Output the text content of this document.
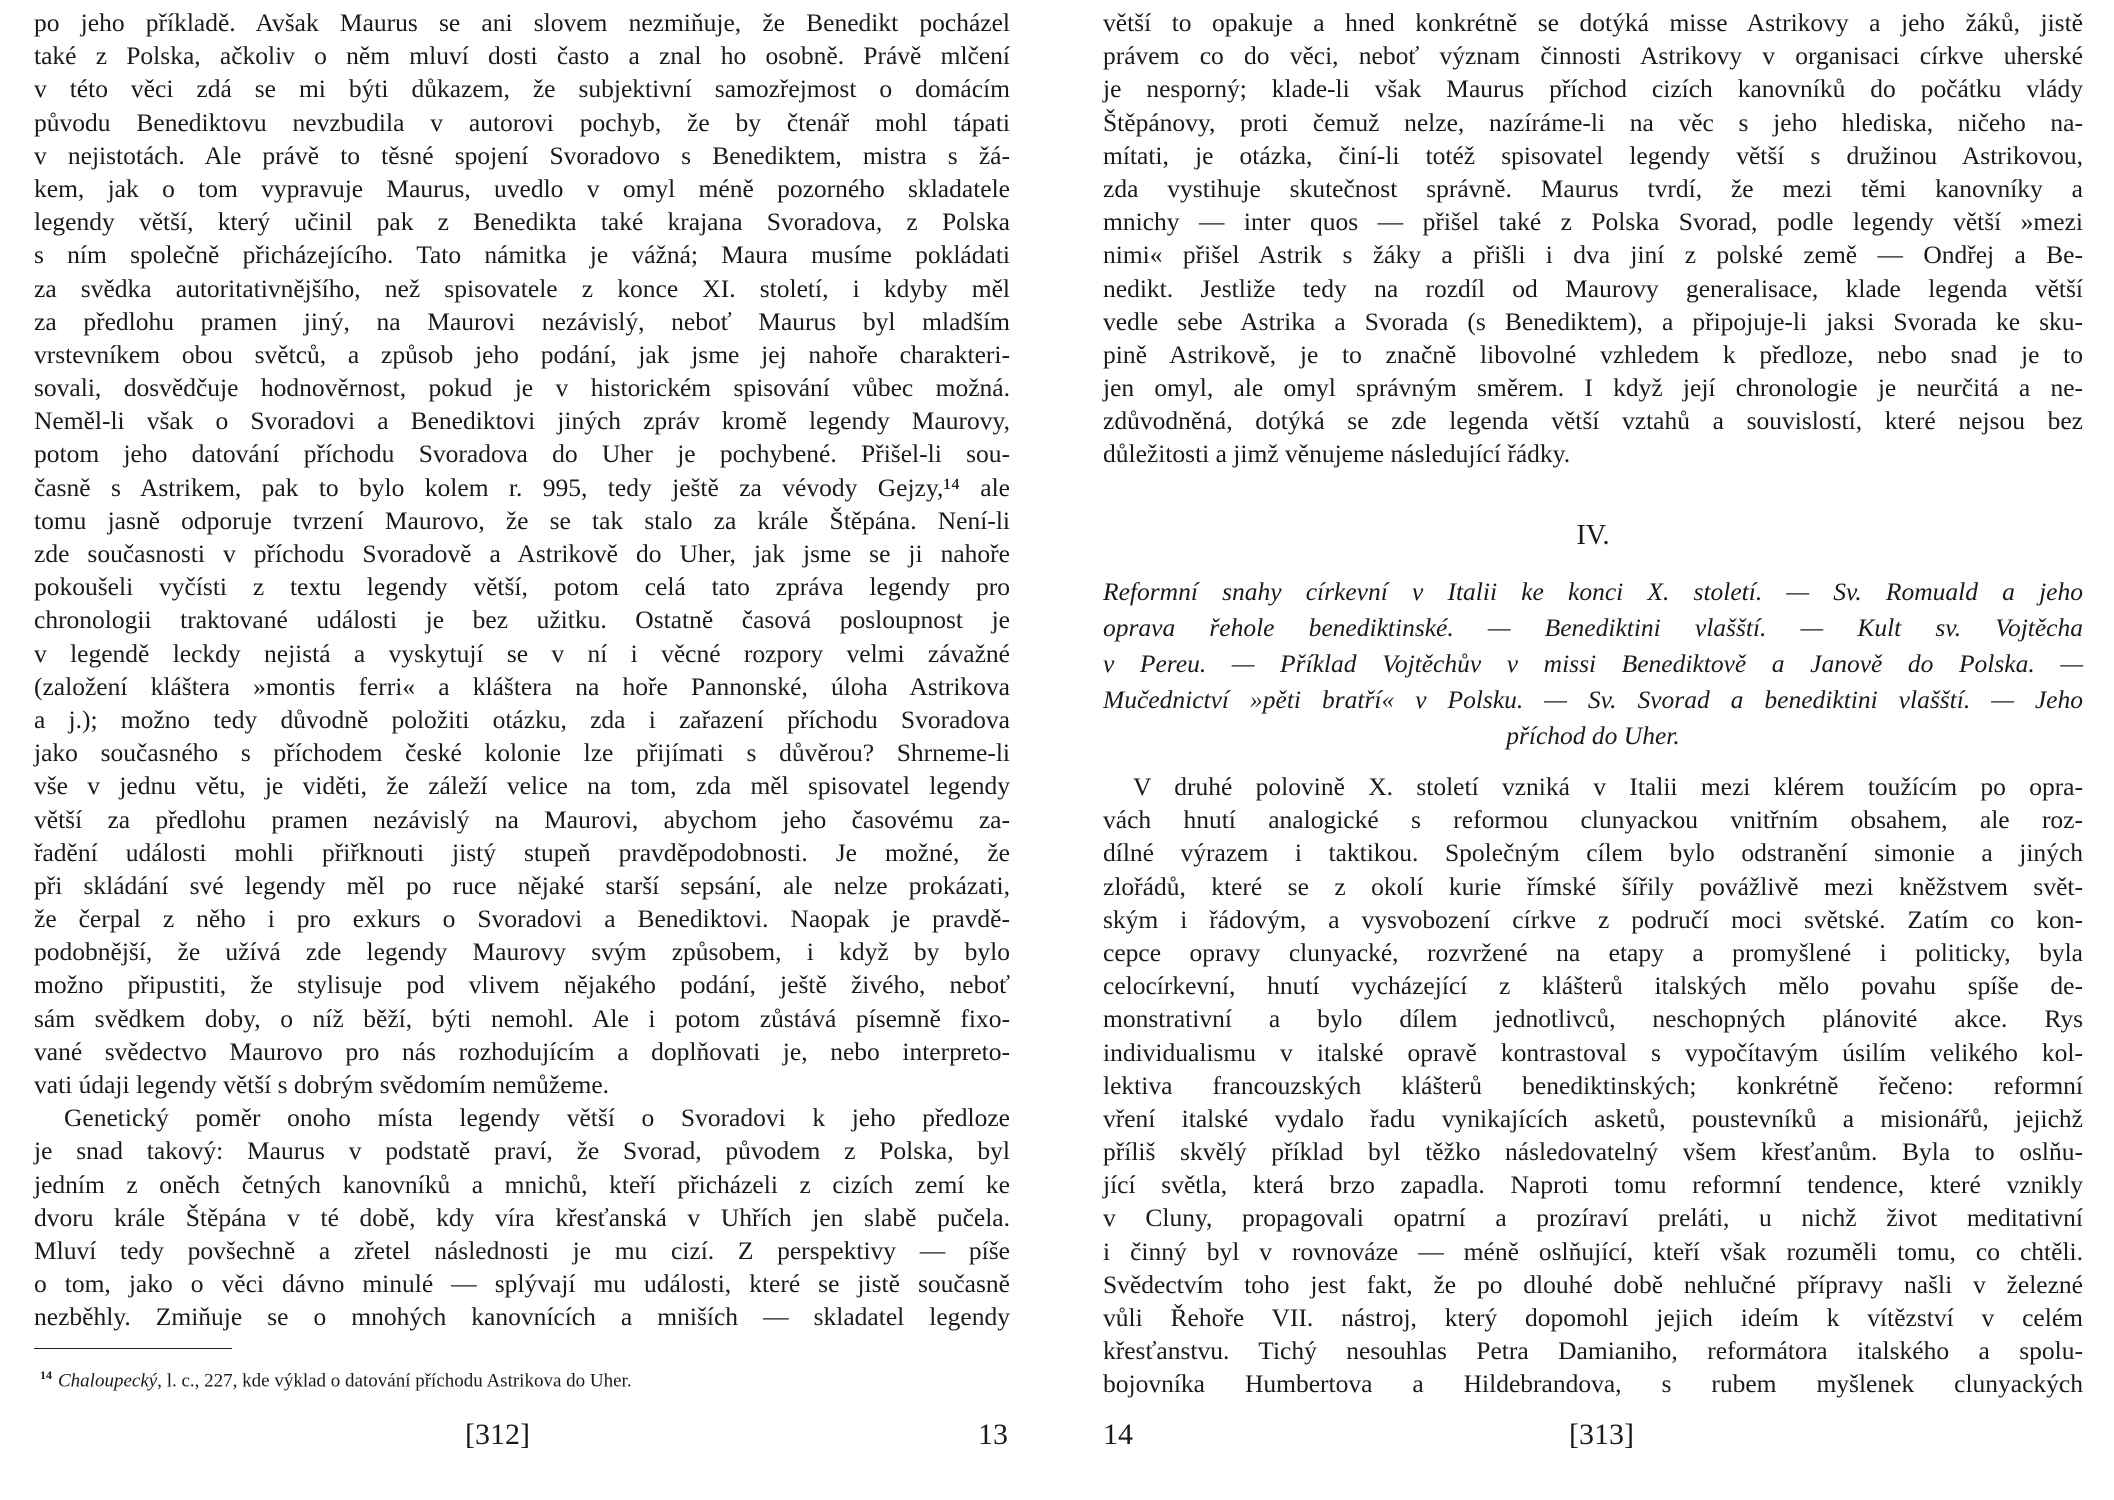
po jeho příkladě. Avšak Maurus se ani slovem nezmiňuje, že Benedikt pocházel
také z Polska, ačkoliv o něm mluví dosti často a znal ho osobně. Právě mlčení
v této věci zdá se mi býti důkazem, že subjektivní samozřejmost o domácím
původu Benediktovu nevzbudila v autorovi pochyb, že by čtenář mohl tápati
v nejistotách. Ale právě to těsné spojení Svoradovo s Benediktem, mistra s žá-
kem, jak o tom vypravuje Maurus, uvedlo v omyl méně pozorného skladatele
legendy větší, který učinil pak z Benedikta také krajana Svoradova, z Polska
s ním společně přicházejícího. Tato námitka je vážná; Maura musíme pokládati
za svědka autoritativnějšího, než spisovatele z konce XI. století, i kdyby měl
za předlohu pramen jiný, na Maurovi nezávislý, neboť Maurus byl mladším
vrstevníkem obou světců, a způsob jeho podání, jak jsme jej nahoře charakteri-
sovali, dosvědčuje hodnověrnost, pokud je v historickém spisování vůbec možná.
Neměl-li však o Svoradovi a Benediktovi jiných zpráv kromě legendy Maurovy,
potom jeho datování příchodu Svoradova do Uher je pochybené. Přišel-li sou-
časně s Astrikem, pak to bylo kolem r. 995, tedy ještě za vévody Gejzy,¹⁴ ale
tomu jasně odporuje tvrzení Maurovo, že se tak stalo za krále Štěpána. Není-li
zde současnosti v příchodu Svoradově a Astrikově do Uher, jak jsme se ji nahoře
pokoušeli vyčísti z textu legendy větší, potom celá tato zpráva legendy pro
chronologii traktované události je bez užitku. Ostatně časová posloupnost je
v legendě leckdy nejistá a vyskytují se v ní i věcné rozpory velmi závažné
(založení kláštera »montis ferri« a kláštera na hoře Pannonské, úloha Astrikova
a j.); možno tedy důvodně položiti otázku, zda i zařazení příchodu Svoradova
jako současného s příchodem české kolonie lze přijímati s důvěrou? Shrneme-li
vše v jednu větu, je viděti, že záleží velice na tom, zda měl spisovatel legendy
větší za předlohu pramen nezávislý na Maurovi, abychom jeho časovému za-
řadění události mohli přiřknouti jistý stupeň pravděpodobnosti. Je možné, že
při skládání své legendy měl po ruce nějaké starší sepsání, ale nelze prokázati,
že čerpal z něho i pro exkurs o Svoradovi a Benediktovi. Naopak je pravdě-
podobnější, že užívá zde legendy Maurovy svým způsobem, i když by bylo
možno připustiti, že stylisuje pod vlivem nějakého podání, ještě živého, neboť
sám svědkem doby, o níž běží, býti nemohl. Ale i potom zůstává písemně fixo-
vané svědectvo Maurovo pro nás rozhodujícím a doplňovati je, nebo interpreto-
vati údaji legendy větší s dobrým svědomím nemůžeme.
Genetický poměr onoho místa legendy větší o Svoradovi k jeho předloze
je snad takový: Maurus v podstatě praví, že Svorad, původem z Polska, byl
jedním z oněch četných kanovníků a mnichů, kteří přicházeli z cizích zemí ke
dvoru krále Štěpána v té době, kdy víra křesťanská v Uhřích jen slabě pučela.
Mluví tedy povšechně a zřetel následnosti je mu cizí. Z perspektivy — píše
o tom, jako o věci dávno minulé — splývají mu události, které se jistě současně
nezběhly. Zmiňuje se o mnohých kanovnících a mniších — skladatel legendy
$^{14}$ Chaloupecký, l. c., 227, kde výklad o datování příchodu Astrikova do Uher.
[312]	13
větší to opakuje a hned konkrétně se dotýká misse Astrikovy a jeho žáků, jistě
právem co do věci, neboť význam činnosti Astrikovy v organisaci církve uherské
je nesporný; klade-li však Maurus příchod cizích kanovníků do počátku vlády
Štěpánovy, proti čemuž nelze, nazíráme-li na věc s jeho hlediska, ničeho na-
mítati, je otázka, činí-li totéž spisovatel legendy větší s družinou Astrikovou,
zda vystihuje skutečnost správně. Maurus tvrdí, že mezi těmi kanovníky a
mnichy — inter quos — přišel také z Polska Svorad, podle legendy větší »mezi
nimi« přišel Astrik s žáky a přišli i dva jiní z polské země — Ondřej a Be-
nedikt. Jestliže tedy na rozdíl od Maurovy generalisace, klade legenda větší
vedle sebe Astrika a Svorada (s Benediktem), a připojuje-li jaksi Svorada ke sku-
pině Astrikově, je to značně libovolné vzhledem k předloze, nebo snad je to
jen omyl, ale omyl správným směrem. I když její chronologie je neurčitá a ne-
zdůvodněná, dotýká se zde legenda větší vztahů a souvislostí, které nejsou bez
důležitosti a jimž věnujeme následující řádky.
IV.
Reformní snahy církevní v Italii ke konci X. století. — Sv. Romuald a jeho
oprava řehole benediktinské. — Benediktini vlašští. — Kult sv. Vojtěcha
v Pereu. — Příklad Vojtěchův v missi Benediktově a Janově do Polska. —
Mučednictví »pěti bratří« v Polsku. — Sv. Svorad a benediktini vlašští. — Jeho
příchod do Uher.
V druhé polovině X. století vzniká v Italii mezi klérem toužícím po opra-
vách hnutí analogické s reformou clunyackou vnitřním obsahem, ale roz-
dílné výrazem i taktikou. Společným cílem bylo odstranění simonie a jiných
zlořádů, které se z okolí kurie římské šířily povážlivě mezi kněžstvem svět-
ským i řádovým, a vysvobození církve z područí moci světské. Zatím co kon-
cepce opravy clunyacké, rozvržené na etapy a promyšlené i politicky, byla
celocírkevní, hnutí vycházející z klášterů italských mělo povahu spíše de-
monstrativní a bylo dílem jednotlivců, neschopných plánovité akce. Rys
individualismu v italské opravě kontrastoval s vypočítavým úsilím velikého kol-
lektiva francouzských klášterů benediktinských; konkrétně řečeno: reformní
vření italské vydalo řadu vynikajících asketů, poustevníků a misionářů, jejichž
příliš skvělý příklad byl těžko následovatelný všem křesťanům. Byla to oslňu-
jící světla, která brzo zapadla. Naproti tomu reformní tendence, které vznikly
v Cluny, propagovali opatrní a prozíraví preláti, u nichž život meditativní
i činný byl v rovnováze — méně oslňující, kteří však rozuměli tomu, co chtěli.
Svědectvím toho jest fakt, že po dlouhé době nehlučné přípravy našli v železné
vůli Řehoře VII. nástroj, který dopomohl jejich ideím k vítězství v celém
křesťanstvu. Tichý nesouhlas Petra Damianiho, reformátora italského a spolu-
bojovníka Humbertova a Hildebrandova, s rubem myšlenek clunyackých
14	[313]
